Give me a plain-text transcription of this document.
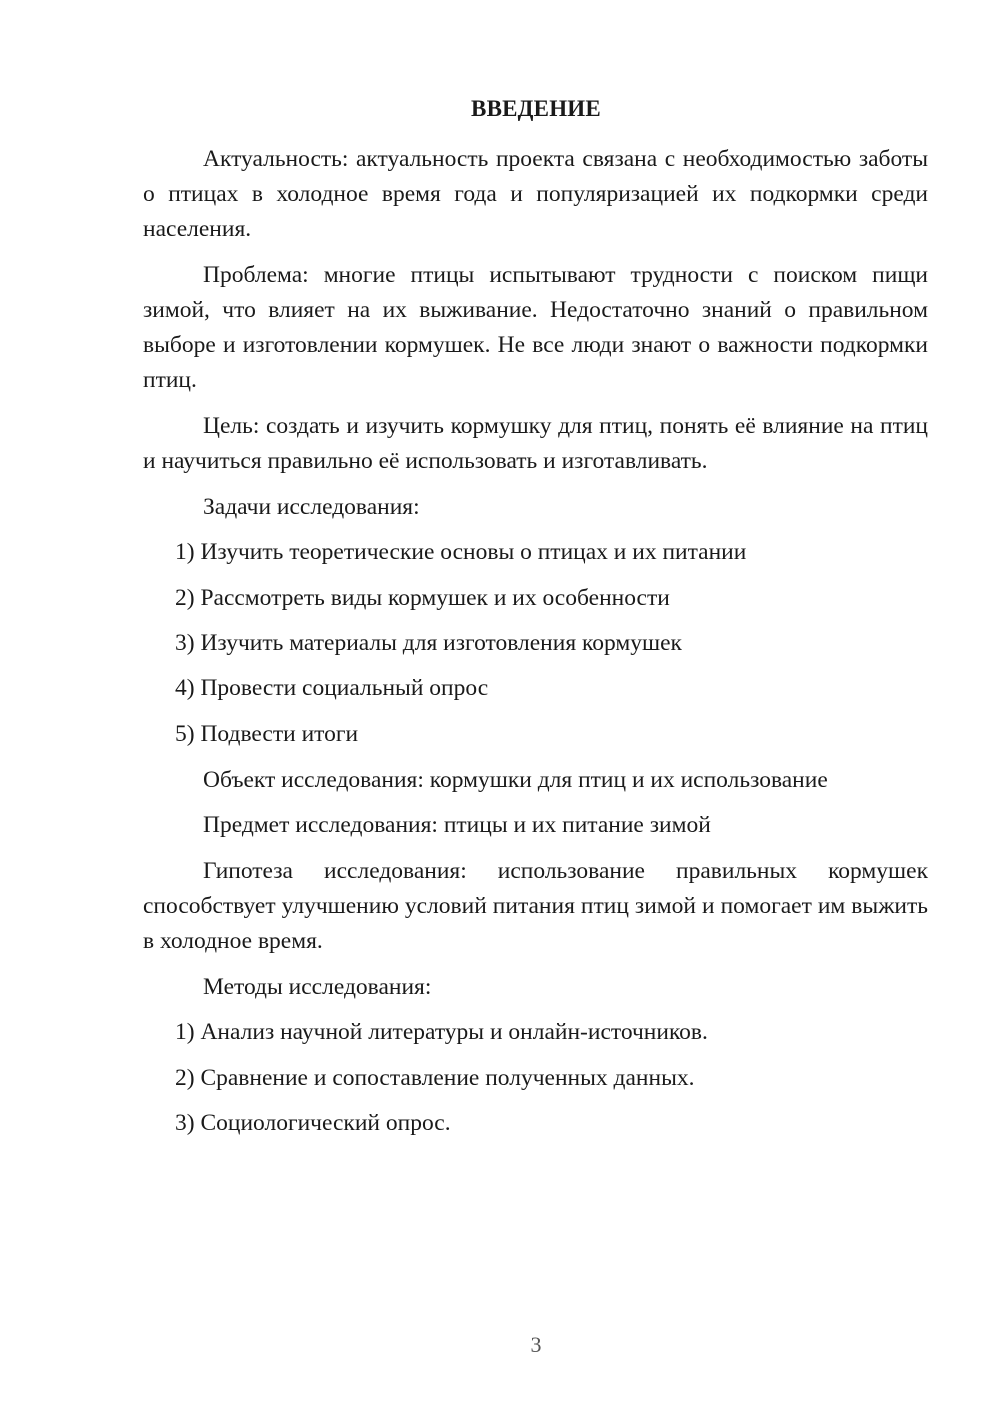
ВВЕДЕНИЕ

Актуальность: актуальность проекта связана с необходимостью заботы о птицах в холодное время года и популяризацией их подкормки среди населения.

Проблема: многие птицы испытывают трудности с поиском пищи зимой, что влияет на их выживание. Недостаточно знаний о правильном выборе и изготовлении кормушек. Не все люди знают о важности подкормки птиц.

Цель: создать и изучить кормушку для птиц, понять её влияние на птиц и научиться правильно её использовать и изготавливать.

Задачи исследования:

1) Изучить теоретические основы о птицах и их питании

2) Рассмотреть виды кормушек и их особенности

3) Изучить материалы для изготовления кормушек

4) Провести социальный опрос

5) Подвести итоги

Объект исследования: кормушки для птиц и их использование

Предмет исследования: птицы и их питание зимой

Гипотеза исследования: использование правильных кормушек способствует улучшению условий питания птиц зимой и помогает им выжить в холодное время.

Методы исследования:

1) Анализ научной литературы и онлайн-источников.

2) Сравнение и сопоставление полученных данных.

3) Социологический опрос.

3
